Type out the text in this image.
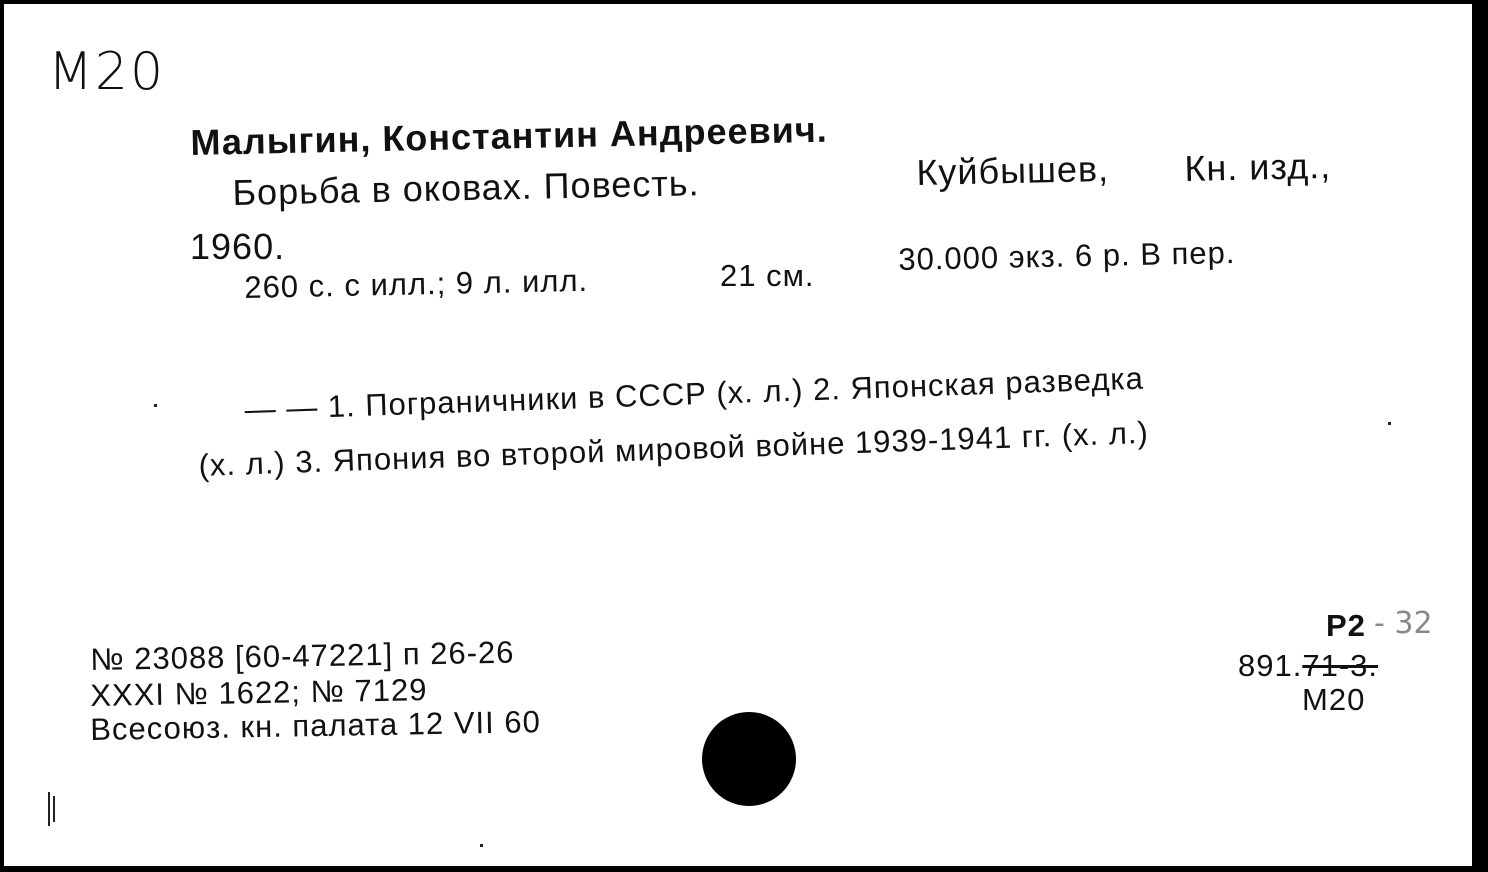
M20
Малыгин, Константин Андреевич.
Борьба в оковах. Повесть.	Куйбышев, Кн. изд.,
1960.
260 с. с илл.; 9 л. илл.	21 см.	30.000 экз. 6 р. В пер.
— — 1. Пограничники в СССР (х. л.) 2. Японская разведка
(х. л.) 3. Япония во второй мировой войне 1939-1941 гг. (х. л.)
№ 23088 [60-47221] п 26-26
XXXI № 1622; № 7129
Всесоюз. кн. палата 12 VII 60
Р2 - 32
891.71-3.
М20
